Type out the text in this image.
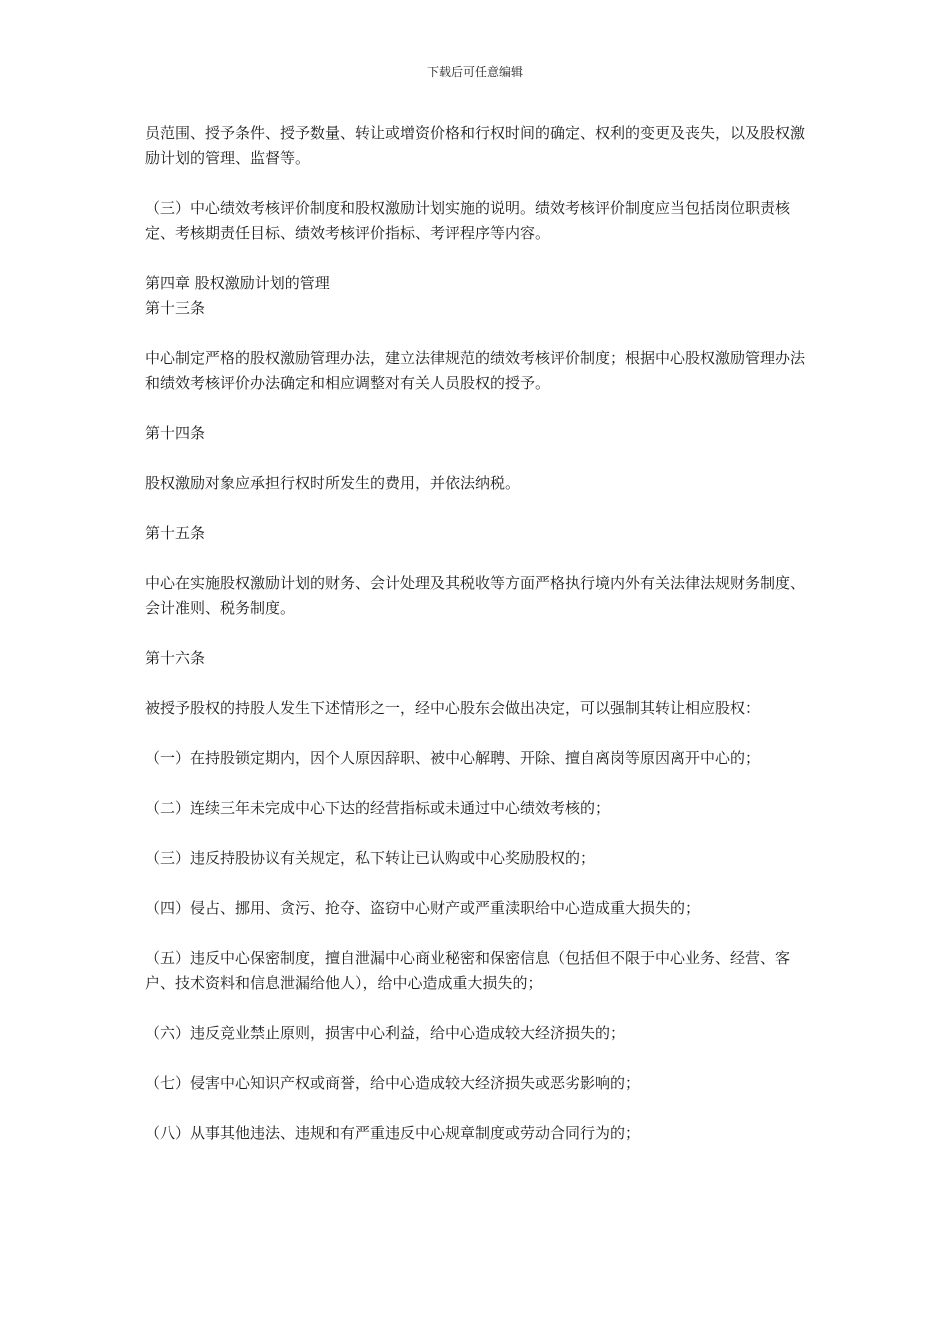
下载后可任意编辑

员范围、授予条件、授予数量、转让或增资价格和行权时间的确定、权利的变更及丧失，以及股权激励计划的管理、监督等。

（三）中心绩效考核评价制度和股权激励计划实施的说明。绩效考核评价制度应当包括岗位职责核定、考核期责任目标、绩效考核评价指标、考评程序等内容。

第四章 股权激励计划的管理

第十三条

中心制定严格的股权激励管理办法，建立法律规范的绩效考核评价制度；根据中心股权激励管理办法和绩效考核评价办法确定和相应调整对有关人员股权的授予。

第十四条

股权激励对象应承担行权时所发生的费用，并依法纳税。

第十五条

中心在实施股权激励计划的财务、会计处理及其税收等方面严格执行境内外有关法律法规财务制度、会计准则、税务制度。

第十六条

被授予股权的持股人发生下述情形之一，经中心股东会做出决定，可以强制其转让相应股权：

（一）在持股锁定期内，因个人原因辞职、被中心解聘、开除、擅自离岗等原因离开中心的；

（二）连续三年未完成中心下达的经营指标或未通过中心绩效考核的；

（三）违反持股协议有关规定，私下转让已认购或中心奖励股权的；

（四）侵占、挪用、贪污、抢夺、盗窃中心财产或严重渎职给中心造成重大损失的；

（五）违反中心保密制度，擅自泄漏中心商业秘密和保密信息（包括但不限于中心业务、经营、客户、技术资料和信息泄漏给他人），给中心造成重大损失的；

（六）违反竞业禁止原则，损害中心利益，给中心造成较大经济损失的；

（七）侵害中心知识产权或商誉，给中心造成较大经济损失或恶劣影响的；

（八）从事其他违法、违规和有严重违反中心规章制度或劳动合同行为的；
